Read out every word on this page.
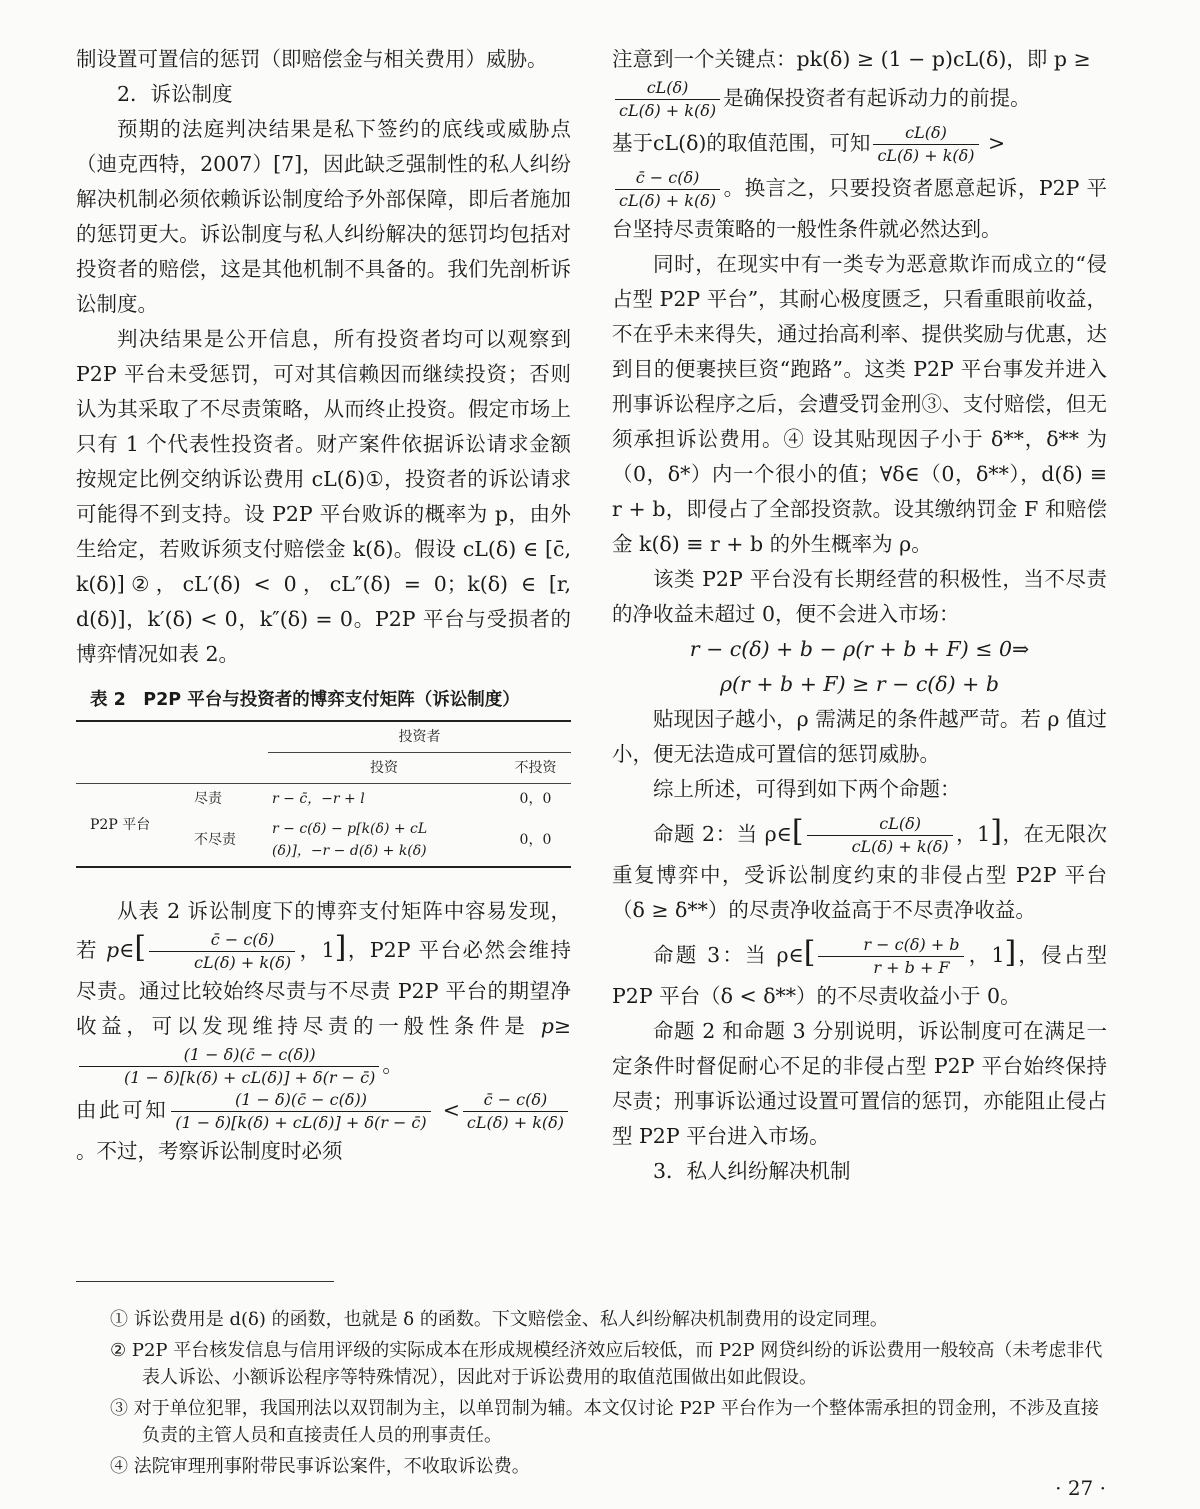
制设置可置信的惩罚（即赔偿金与相关费用）威胁。

2．诉讼制度

预期的法庭判决结果是私下签约的底线或威胁点（迪克西特，2007）[7]，因此缺乏强制性的私人纠纷解决机制必须依赖诉讼制度给予外部保障，即后者施加的惩罚更大。诉讼制度与私人纠纷解决的惩罚均包括对投资者的赔偿，这是其他机制不具备的。我们先剖析诉讼制度。

判决结果是公开信息，所有投资者均可以观察到 P2P 平台未受惩罚，可对其信赖因而继续投资；否则认为其采取了不尽责策略，从而终止投资。假定市场上只有 1 个代表性投资者。财产案件依据诉讼请求金额按规定比例交纳诉讼费用 cL(δ)①，投资者的诉讼请求可能得不到支持。设 P2P 平台败诉的概率为 p，由外生给定，若败诉须支付赔偿金 k(δ)。假设 cL(δ) ∈ [c̄, k(δ)]②，cL′(δ) < 0，cL″(δ) = 0；k(δ) ∈ [r, d(δ)]，k′(δ) < 0，k″(δ) = 0。P2P 平台与受损者的博弈情况如表 2。

表 2　P2P 平台与投资者的博弈支付矩阵（诉讼制度）
		投资者	
		投资	不投资
P2P 平台	尽责	r − c̄，−r + l	0，0
	不尽责	r − c(δ) − p[k(δ) + cL
(δ)]，−r − d(δ) + k(δ)	0，0

从表 2 诉讼制度下的博弈支付矩阵中容易发现，若 p∈[ $\frac{c̄ - c(\delta)}{cL(\delta) + k(\delta)}$ ，1]，P2P 平台必然会维持尽责。通过比较始终尽责与不尽责 P2P 平台的期望净收益，可以发现维持尽责的一般性条件是 p≥
$\frac{(1 - \delta)(c̄ - c(\delta))}{(1 - \delta)[k(\delta) + cL(\delta)] + \delta(r - c̄)}$ 。

由此可知 $\frac{(1 - \delta)(c̄ - c(\delta))}{(1 - \delta)[k(\delta) + cL(\delta)] + \delta(r - c̄)} < \frac{c̄ - c(\delta)}{cL(\delta) + k(\delta)}$
。不过，考察诉讼制度时必须

注意到一个关键点：pk(δ) ≥ (1 − p)cL(δ)，即 p ≥

$\frac{cL(\delta)}{cL(\delta) + k(\delta)}$ 是确保投资者有起诉动力的前提。
基于cL(δ)的取值范围，可知 $\frac{cL(\delta)}{cL(\delta) + k(\delta)}$ >

$\frac{c̄ - c(\delta)}{cL(\delta) + k(\delta)}$ 。换言之，只要投资者愿意起诉，P2P 平台坚持尽责策略的一般性条件就必然达到。

同时，在现实中有一类专为恶意欺诈而成立的“侵占型 P2P 平台”，其耐心极度匮乏，只看重眼前收益，不在乎未来得失，通过抬高利率、提供奖励与优惠，达到目的便裹挟巨资“跑路”。这类 P2P 平台事发并进入刑事诉讼程序之后，会遭受罚金刑③、支付赔偿，但无须承担诉讼费用。④ 设其贴现因子小于 δ**，δ** 为（0，δ*）内一个很小的值；∀δ∈（0，δ**），d(δ) ≡ r + b，即侵占了全部投资款。设其缴纳罚金 F 和赔偿金 k(δ) ≡ r + b 的外生概率为 ρ。

该类 P2P 平台没有长期经营的积极性，当不尽责的净收益未超过 0，便不会进入市场：

r − c(δ) + b − ρ(r + b + F) ≤ 0⇒

ρ(r + b + F) ≥ r − c(δ) + b

贴现因子越小，ρ 需满足的条件越严苛。若 ρ 值过小，便无法造成可置信的惩罚威胁。

综上所述，可得到如下两个命题：

命题 2：当 ρ∈[ $\frac{cL(\delta)}{cL(\delta) + k(\delta)}$ ，1]，在无限次重复博弈中，受诉讼制度约束的非侵占型 P2P 平台（δ ≥ δ**）的尽责净收益高于不尽责净收益。

命题 3：当 ρ∈[ $\frac{r - c(\delta) + b}{r + b + F}$ ，1]，侵占型 P2P 平台（δ < δ**）的不尽责收益小于 0。

命题 2 和命题 3 分别说明，诉讼制度可在满足一定条件时督促耐心不足的非侵占型 P2P 平台始终保持尽责；刑事诉讼通过设置可置信的惩罚，亦能阻止侵占型 P2P 平台进入市场。

3．私人纠纷解决机制

① 诉讼费用是 d(δ) 的函数，也就是 δ 的函数。下文赔偿金、私人纠纷解决机制费用的设定同理。

② P2P 平台核发信息与信用评级的实际成本在形成规模经济效应后较低，而 P2P 网贷纠纷的诉讼费用一般较高（未考虑非代表人诉讼、小额诉讼程序等特殊情况），因此对于诉讼费用的取值范围做出如此假设。

③ 对于单位犯罪，我国刑法以双罚制为主，以单罚制为辅。本文仅讨论 P2P 平台作为一个整体需承担的罚金刑，不涉及直接负责的主管人员和直接责任人员的刑事责任。

④ 法院审理刑事附带民事诉讼案件，不收取诉讼费。

· 27 ·
